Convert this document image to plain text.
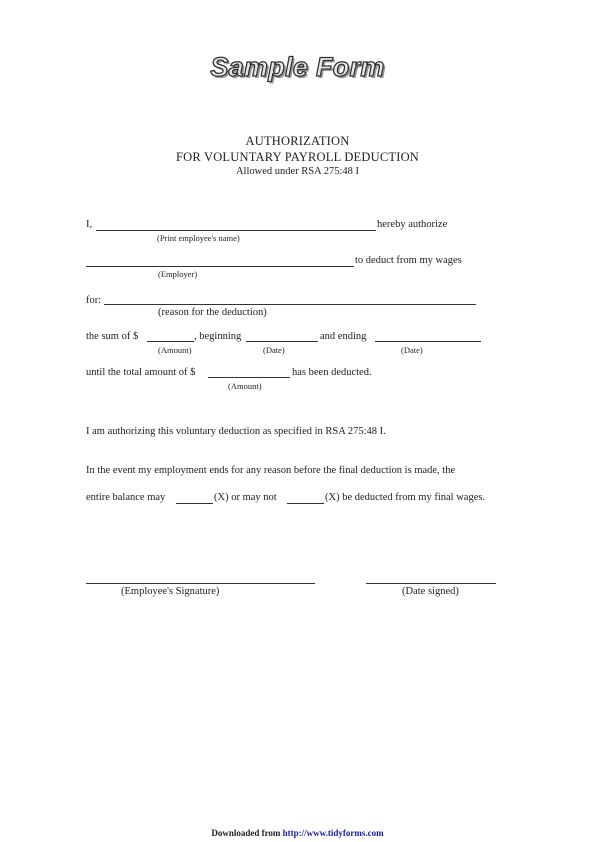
Sample Form
AUTHORIZATION
FOR VOLUNTARY PAYROLL DEDUCTION
Allowed under RSA 275:48 I
I,	hereby authorize
(Print employee's name)
to deduct from my wages
(Employer)
for:
(reason for the deduction)
the sum of $	, beginning	and ending
(Amount)	(Date)	(Date)
until the total amount of $	has been deducted.
(Amount)
I am authorizing this voluntary deduction as specified in RSA 275:48 I.
In the event my employment ends for any reason before the final deduction is made, the
entire balance may	(X) or may not	(X) be deducted from my final wages.
(Employee's Signature)	(Date signed)
Downloaded from http://www.tidyforms.com
